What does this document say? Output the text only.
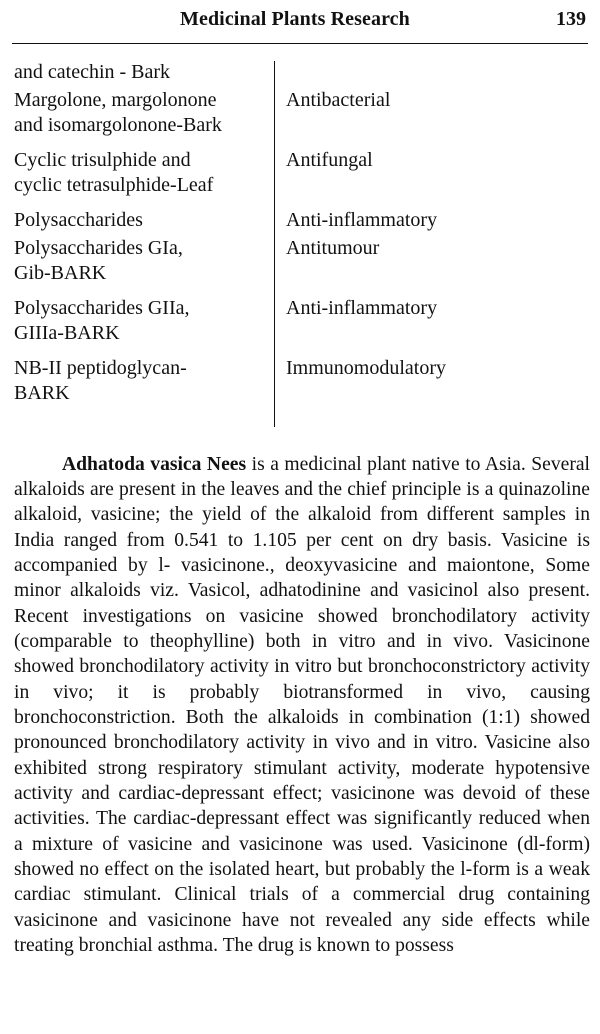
Medicinal Plants Research	139
and catechin - Bark
Margolone, margolonone
and isomargolonone-Bark
Antibacterial
Cyclic trisulphide and
cyclic tetrasulphide-Leaf
Antifungal
Polysaccharides	Anti-inflammatory
Polysaccharides GIa,
Gib-BARK
Antitumour
Polysaccharides GIIa,
GIIIa-BARK
Anti-inflammatory
NB-II peptidoglycan-
BARK
Immunomodulatory

Adhatoda vasica Nees is a medicinal plant native to Asia. Several alkaloids are present in the leaves and the chief principle is a quinazoline alkaloid, vasicine; the yield of the alkaloid from different samples in India ranged from 0.541 to 1.105 per cent on dry basis. Vasicine is accompanied by l- vasicinone., deoxyvasicine and maiontone, Some minor alkaloids viz. Vasicol, adhatodinine and vasicinol also present. Recent investigations on vasicine showed bronchodilatory activity (comparable to theophylline) both in vitro and in vivo. Vasicinone showed bronchodilatory activity in vitro but bronchoconstrictory activity in vivo; it is probably biotransformed in vivo, causing bronchoconstriction. Both the alkaloids in combination (1:1) showed pronounced bronchodilatory activity in vivo and in vitro. Vasicine also exhibited strong respiratory stimulant activity, moderate hypotensive activity and cardiac-depressant effect; vasicinone was devoid of these activities. The cardiac-depressant effect was significantly reduced when a mixture of vasicine and vasicinone was used. Vasicinone (dl-form) showed no effect on the isolated heart, but probably the l-form is a weak cardiac stimulant. Clinical trials of a commercial drug containing vasicinone and vasicinone have not revealed any side effects while treating bronchial asthma. The drug is known to possess
